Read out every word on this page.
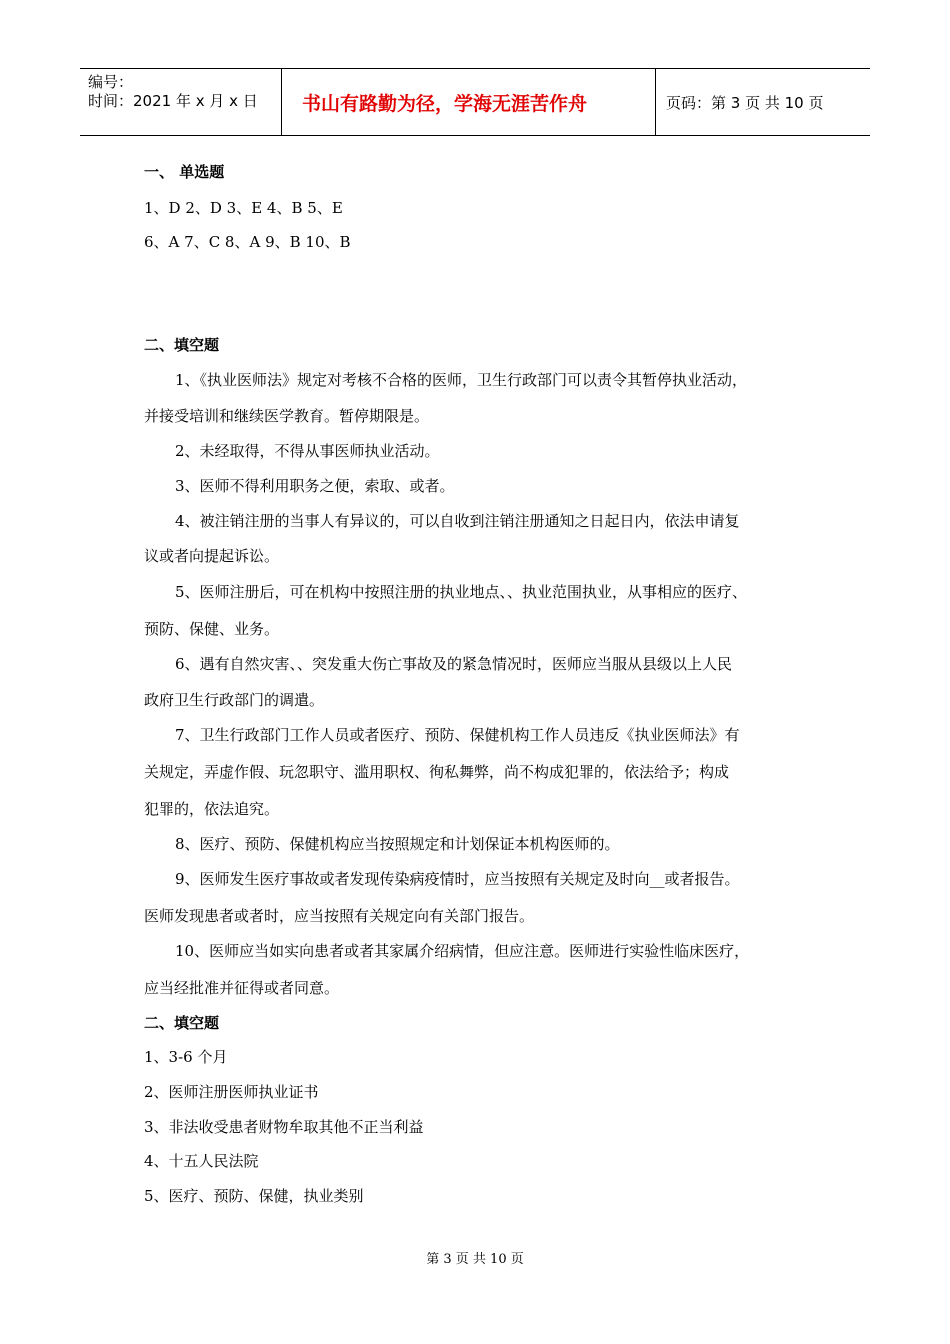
编号：
时间：2021 年 x 月 x 日	书山有路勤为径，学海无涯苦作舟	页码：第 3 页 共 10 页
一、 单选题
1、D 2、D 3、E 4、B 5、E
6、A 7、C 8、A 9、B 10、B
二、填空题
1、《执业医师法》规定对考核不合格的医师，卫生行政部门可以责令其暂停执业活动，
并接受培训和继续医学教育。暂停期限是。
2、未经取得，不得从事医师执业活动。
3、医师不得利用职务之便，索取、或者。
4、被注销注册的当事人有异议的，可以自收到注销注册通知之日起日内，依法申请复
议或者向提起诉讼。
5、医师注册后，可在机构中按照注册的执业地点、、执业范围执业，从事相应的医疗、
预防、保健、业务。
6、遇有自然灾害、、突发重大伤亡事故及的紧急情况时，医师应当服从县级以上人民
政府卫生行政部门的调遣。
7、卫生行政部门工作人员或者医疗、预防、保健机构工作人员违反《执业医师法》有
关规定，弄虚作假、玩忽职守、滥用职权、徇私舞弊，尚不构成犯罪的，依法给予；构成
犯罪的，依法追究。
8、医疗、预防、保健机构应当按照规定和计划保证本机构医师的。
9、医师发生医疗事故或者发现传染病疫情时，应当按照有关规定及时向__或者报告。
医师发现患者或者时，应当按照有关规定向有关部门报告。
10、医师应当如实向患者或者其家属介绍病情，但应注意。医师进行实验性临床医疗，
应当经批准并征得或者同意。
二、填空题
1、3-6 个月
2、医师注册医师执业证书
3、非法收受患者财物牟取其他不正当利益
4、十五人民法院
5、医疗、预防、保健，执业类别
第 3 页 共 10 页
